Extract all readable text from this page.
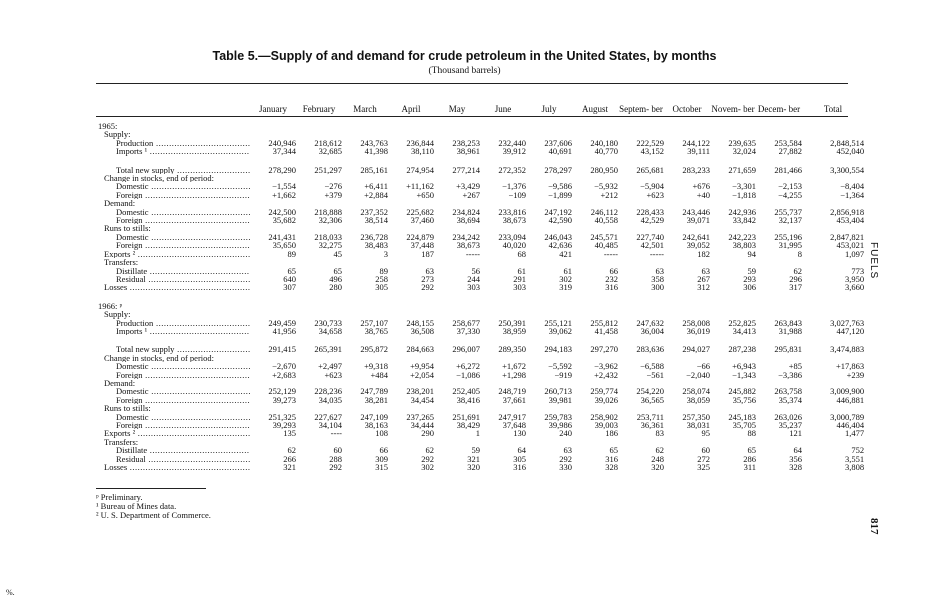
Table 5.—Supply of and demand for crude petroleum in the United States, by months
(Thousand barrels)
January	February	March	April	May	June	July	August	Septem- ber	October	Novem- ber Decem- ber	Total
1965:													
Supply:													
Production .....	240,946	218,612	243,763	236,844	238,253	232,440	237,606	240,180	222,529	244,122	239,635	253,584	2,848,514
Imports ¹ .....	37,344	32,685	41,398	38,110	38,961	39,912	40,691	40,770	43,152	39,111	32,024	27,882	452,040

Total new supply .....	278,290	251,297	285,161	274,954	277,214	272,352	278,297	280,950	265,681	283,233	271,659	281,466	3,300,554
Change in stocks, end of period:													
Domestic .....	−1,554	−276	+6,411	+11,162	+3,429	−1,376	−9,586	−5,932	−5,904	+676	−3,301	−2,153	−8,404
Foreign .....	+1,662	+379	+2,884	+650	+267	−109	−1,899	+212	+623	+40	−1,818	−4,255	−1,364
Demand:													
Domestic .....	242,500	218,888	237,352	225,682	234,824	233,816	247,192	246,112	228,433	243,446	242,936	255,737	2,856,918
Foreign .....	35,682	32,306	38,514	37,460	38,694	38,673	42,590	40,558	42,529	39,071	33,842	32,137	453,404
Runs to stills:													
Domestic .....	241,431	218,033	236,728	224,879	234,242	233,094	246,043	245,571	227,740	242,641	242,223	255,196	2,847,821
Foreign .....	35,650	32,275	38,483	37,448	38,673	40,020	42,636	40,485	42,501	39,052	38,803	31,995	453,021
Exports ² .....	89	45	3	187	-----	68	421	-----	-----	182	94	8	1,097
Transfers:													
Distillate .....	65	65	89	63	56	61	61	66	63	63	59	62	773
Residual .....	640	496	258	273	244	291	302	232	358	267	293	296	3,950
Losses .....	307	280	305	292	303	303	319	316	300	312	306	317	3,660

1966: ᵖ													
Supply:													
Production .....	249,459	230,733	257,107	248,155	258,677	250,391	255,121	255,812	247,632	258,008	252,825	263,843	3,027,763
Imports ¹ .....	41,956	34,658	38,765	36,508	37,330	38,959	39,062	41,458	36,004	36,019	34,413	31,988	447,120

Total new supply .....	291,415	265,391	295,872	284,663	296,007	289,350	294,183	297,270	283,636	294,027	287,238	295,831	3,474,883
Change in stocks, end of period:													
Domestic .....	−2,670	+2,497	+9,318	+9,954	+6,272	+1,672	−5,592	−3,962	−6,588	−66	+6,943	+85	+17,863
Foreign .....	+2,683	+623	+484	+2,054	−1,086	+1,298	−919	+2,432	−561	−2,040	−1,343	−3,386	+239
Demand:													
Domestic .....	252,129	228,236	247,789	238,201	252,405	248,719	260,713	259,774	254,220	258,074	245,882	263,758	3,009,900
Foreign .....	39,273	34,035	38,281	34,454	38,416	37,661	39,981	39,026	36,565	38,059	35,756	35,374	446,881
Runs to stills:													
Domestic .....	251,325	227,627	247,109	237,265	251,691	247,917	259,783	258,902	253,711	257,350	245,183	263,026	3,000,789
Foreign .....	39,293	34,104	38,163	34,444	38,429	37,648	39,986	39,003	36,361	38,031	35,705	35,237	446,404
Exports ² .....	135	----	108	290	1	130	240	186	83	95	88	121	1,477
Transfers:													
Distillate .....	62	60	66	62	59	64	63	65	62	60	65	64	752
Residual .....	266	288	309	292	321	305	292	316	248	272	286	356	3,551
Losses .....	321	292	315	302	320	316	330	328	320	325	311	328	3,808
ᵖ Preliminary.
¹ Bureau of Mines data.
² U. S. Department of Commerce.
FUELS
817
%.
